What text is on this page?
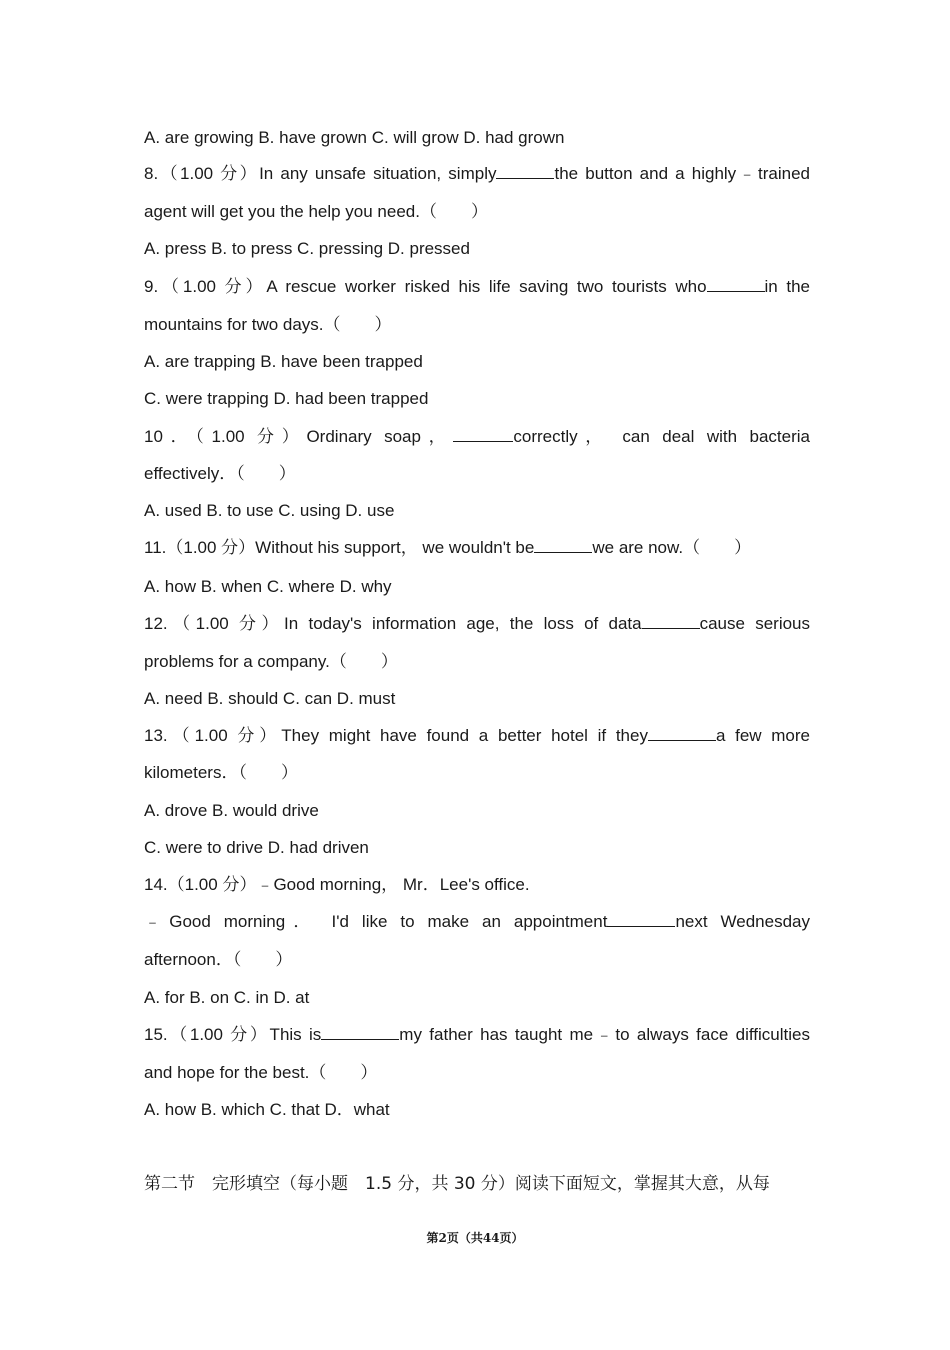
A. are growing B. have grown C. will grow D. had grown
8.（1.00 分）In any unsafe situation, simply	the button and a highly﹣trained
agent will get you the help you need.（　　）
A. press B. to press C. pressing D. pressed
9.（1.00 分）A rescue worker risked his life saving two tourists who	in the
mountains for two days.（　　）
A. are trapping B. have been trapped
C. were trapping D. had been trapped
10．（1.00 分）Ordinary soap，	correctly， can deal with bacteria
effectively．（　　）
A. used B. to use C. using D. use
11.（1.00 分）Without his support， we wouldn't be	we are now.（　　）
A. how B. when C. where D. why
12.（1.00 分）In today's information age, the loss of data	cause serious
problems for a company.（　　）
A. need B. should C. can D. must
13.（1.00 分）They might have found a better hotel if they	a few more
kilometers．（　　）
A. drove B. would drive
C. were to drive D. had driven
14.（1.00 分）﹣Good morning， Mr．Lee's office.
﹣Good morning． I'd like to make an appointment	next Wednesday
afternoon．（　　）
A. for B. on C. in D. at
15.（1.00 分）This is	my father has taught me﹣to always face difficulties
and hope for the best.（　　）
A. how B. which C. that D．what
第二节　完形填空（每小题　1.5 分，共 30 分）阅读下面短文，掌握其大意，从每
第2页（共44页）
